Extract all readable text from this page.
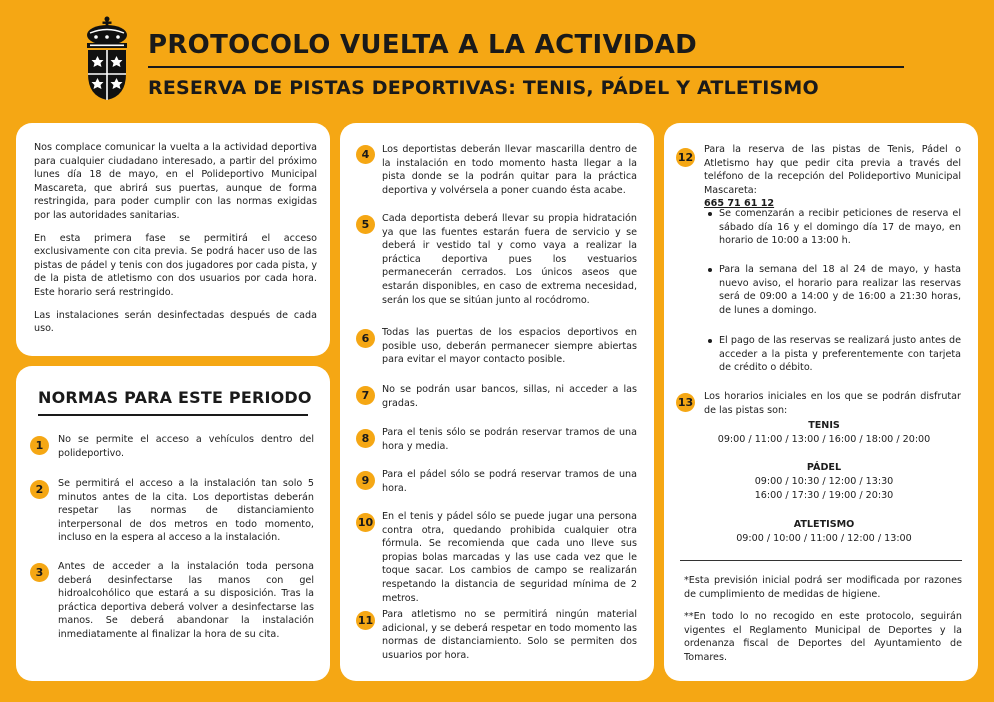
PROTOCOLO VUELTA A LA ACTIVIDAD
RESERVA DE PISTAS DEPORTIVAS: TENIS, PÁDEL Y ATLETISMO

Nos complace comunicar la vuelta a la actividad deportiva para cualquier ciudadano interesado, a partir del próximo lunes día 18 de mayo, en el Polideportivo Municipal Mascareta, que abrirá sus puertas, aunque de forma restringida, para poder cumplir con las normas exigidas por las autoridades sanitarias.

En esta primera fase se permitirá el acceso exclusivamente con cita previa. Se podrá hacer uso de las pistas de pádel y tenis con dos jugadores por cada pista, y de la pista de atletismo con dos usuarios por cada hora. Este horario será restringido.

Las instalaciones serán desinfectadas después de cada uso.

NORMAS PARA ESTE PERIODO
1	No se permite el acceso a vehículos dentro del polideportivo.

2	Se permitirá el acceso a la instalación tan solo 5 minutos antes de la cita. Los deportistas deberán respetar las normas de distanciamiento interpersonal de dos metros en todo momento, incluso en la espera al acceso a la instalación.

3	Antes de acceder a la instalación toda persona deberá desinfectarse las manos con gel hidroalcohólico que estará a su disposición. Tras la práctica deportiva deberá volver a desinfectarse las manos. Se deberá abandonar la instalación inmediatamente al finalizar la hora de su cita.

4	Los deportistas deberán llevar mascarilla dentro de la instalación en todo momento hasta llegar a la pista donde se la podrán quitar para la práctica deportiva y volvérsela a poner cuando ésta acabe.

5	Cada deportista deberá llevar su propia hidratación ya que las fuentes estarán fuera de servicio y se deberá ir vestido tal y como vaya a realizar la práctica deportiva pues los vestuarios permanecerán cerrados. Los únicos aseos que estarán disponibles, en caso de extrema necesidad, serán los que se sitúan junto al rocódromo.

6	Todas las puertas de los espacios deportivos en posible uso, deberán permanecer siempre abiertas para evitar el mayor contacto posible.

7	No se podrán usar bancos, sillas, ni acceder a las gradas.

8	Para el tenis sólo se podrán reservar tramos de una hora y media.

9	Para el pádel sólo se podrá reservar tramos de una hora.

10 En el tenis y pádel sólo se puede jugar una persona contra otra, quedando prohibida cualquier otra fórmula. Se recomienda que cada uno lleve sus propias bolas marcadas y las use cada vez que le toque sacar. Los cambios de campo se realizarán respetando la distancia de seguridad mínima de 2 metros.

11 Para atletismo no se permitirá ningún material adicional, y se deberá respetar en todo momento las normas de distanciamiento. Solo se permiten dos usuarios por hora.

12

Para la reserva de las pistas de Tenis, Pádel o Atletismo hay que pedir cita previa a través del teléfono de la recepción del Polideportivo Municipal Mascareta:

665 71 61 12

Se comenzarán a recibir peticiones de reserva el sábado día 16 y el domingo día 17 de mayo, en horario de 10:00 a 13:00 h.

Para la semana del 18 al 24 de mayo, y hasta nuevo aviso, el horario para realizar las reservas será de 09:00 a 14:00 y de 16:00 a 21:30 horas, de lunes a domingo.

El pago de las reservas se realizará justo antes de acceder a la pista y preferentemente con tarjeta de crédito o débito.

13 Los horarios iniciales en los que se podrán disfrutar de las pistas son:

TENIS
09:00 / 11:00 / 13:00 / 16:00 / 18:00 / 20:00
PÁDEL
09:00 / 10:30 / 12:00 / 13:30
16:00 / 17:30 / 19:00 / 20:30
ATLETISMO
09:00 / 10:00 / 11:00 / 12:00 / 13:00

*Esta previsión inicial podrá ser modificada por razones de cumplimiento de medidas de higiene.

**En todo lo no recogido en este protocolo, seguirán vigentes el Reglamento Municipal de Deportes y la ordenanza fiscal de Deportes del Ayuntamiento de Tomares.
